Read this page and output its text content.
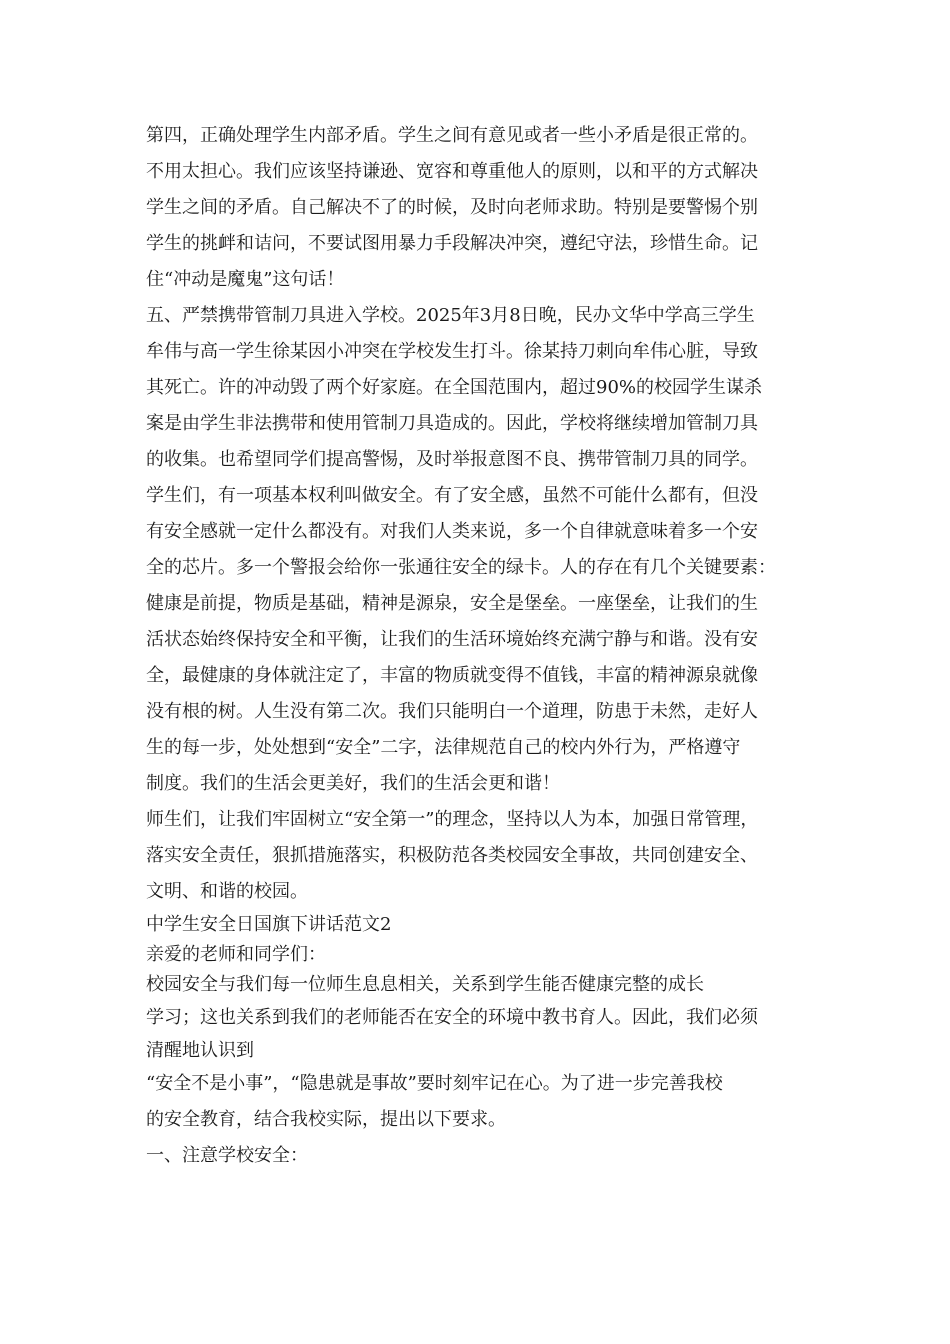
第四，正确处理学生内部矛盾。学生之间有意见或者一些小矛盾是很正常的。
不用太担心。我们应该坚持谦逊、宽容和尊重他人的原则，以和平的方式解决
学生之间的矛盾。自己解决不了的时候，及时向老师求助。特别是要警惕个别
学生的挑衅和诘问，不要试图用暴力手段解决冲突，遵纪守法，珍惜生命。记
住“冲动是魔鬼”这句话！
五、严禁携带管制刀具进入学校。2025年3月8日晚，民办文华中学高三学生
牟伟与高一学生徐某因小冲突在学校发生打斗。徐某持刀刺向牟伟心脏，导致
其死亡。许的冲动毁了两个好家庭。在全国范围内，超过90%的校园学生谋杀
案是由学生非法携带和使用管制刀具造成的。因此，学校将继续增加管制刀具
的收集。也希望同学们提高警惕，及时举报意图不良、携带管制刀具的同学。
学生们，有一项基本权利叫做安全。有了安全感，虽然不可能什么都有，但没
有安全感就一定什么都没有。对我们人类来说，多一个自律就意味着多一个安
全的芯片。多一个警报会给你一张通往安全的绿卡。人的存在有几个关键要素：
健康是前提，物质是基础，精神是源泉，安全是堡垒。一座堡垒，让我们的生
活状态始终保持安全和平衡，让我们的生活环境始终充满宁静与和谐。没有安
全，最健康的身体就注定了，丰富的物质就变得不值钱，丰富的精神源泉就像
没有根的树。人生没有第二次。我们只能明白一个道理，防患于未然，走好人
生的每一步，处处想到“安全”二字，法律规范自己的校内外行为，严格遵守
制度。我们的生活会更美好，我们的生活会更和谐！
师生们，让我们牢固树立“安全第一”的理念，坚持以人为本，加强日常管理，
落实安全责任，狠抓措施落实，积极防范各类校园安全事故，共同创建安全、
文明、和谐的校园。
中学生安全日国旗下讲话范文2
亲爱的老师和同学们：
校园安全与我们每一位师生息息相关，关系到学生能否健康完整的成长
学习；这也关系到我们的老师能否在安全的环境中教书育人。因此，我们必须
清醒地认识到
“安全不是小事”，“隐患就是事故”要时刻牢记在心。为了进一步完善我校
的安全教育，结合我校实际，提出以下要求。
一、注意学校安全：
